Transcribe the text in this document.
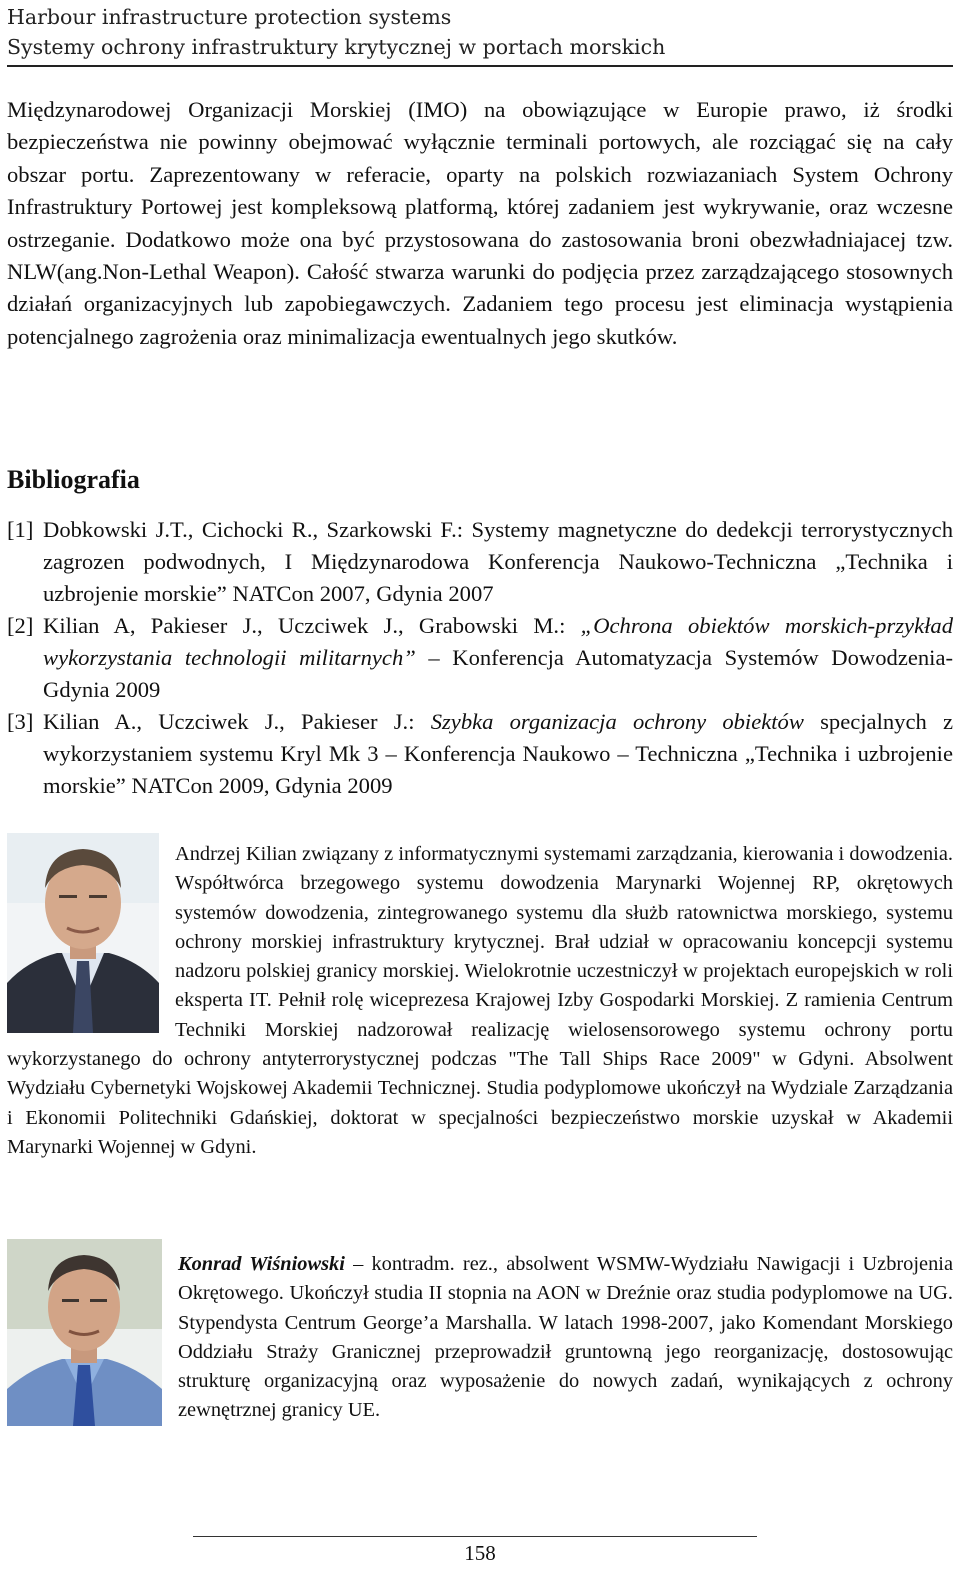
Harbour infrastructure protection systems
Systemy ochrony infrastruktury krytycznej w portach morskich

Międzynarodowej Organizacji Morskiej (IMO) na obowiązujące w Europie prawo, iż środki bezpieczeństwa nie powinny obejmować wyłącznie terminali portowych, ale rozciągać się na cały obszar portu. Zaprezentowany w referacie, oparty na polskich rozwiazaniach System Ochrony Infrastruktury Portowej jest kompleksową platformą, której zadaniem jest wykrywanie, oraz wczesne ostrzeganie. Dodatkowo może ona być przystosowana do zastosowania broni obezwładniajacej tzw. NLW(ang.Non-Lethal Weapon). Całość stwarza warunki do podjęcia przez zarządzającego stosownych działań organizacyjnych lub zapobiegawczych. Zadaniem tego procesu jest eliminacja wystąpienia potencjalnego zagrożenia oraz minimalizacja ewentualnych jego skutków.

Bibliografia
[1] Dobkowski J.T., Cichocki R., Szarkowski F.: Systemy magnetyczne do dedekcji terrorystycznych zagrozen podwodnych, I Międzynarodowa Konferencja Naukowo-Techniczna „Technika i uzbrojenie morskie” NATCon 2007, Gdynia 2007
[2] Kilian A, Pakieser J., Uczciwek J., Grabowski M.: „Ochrona obiektów morskich-przykład wykorzystania technologii militarnych” – Konferencja Automatyzacja Systemów Dowodzenia- Gdynia 2009
[3] Kilian A., Uczciwek J., Pakieser J.: Szybka organizacja ochrony obiektów specjalnych z wykorzystaniem systemu Kryl Mk 3 – Konferencja Naukowo – Techniczna „Technika i uzbrojenie morskie” NATCon 2009, Gdynia 2009
Andrzej Kilian związany z informatycznymi systemami zarządzania, kierowania i dowodzenia. Współtwórca brzegowego systemu dowodzenia Marynarki Wojennej RP, okrętowych systemów dowodzenia, zintegrowanego systemu dla służb ratownictwa morskiego, systemu ochrony morskiej infrastruktury krytycznej. Brał udział w opracowaniu koncepcji systemu nadzoru polskiej granicy morskiej. Wielokrotnie uczestniczył w projektach europejskich w roli eksperta IT. Pełnił rolę wiceprezesa Krajowej Izby Gospodarki Morskiej. Z ramienia Centrum Techniki Morskiej nadzorował realizację wielosensorowego systemu ochrony portu wykorzystanego do ochrony antyterrorystycznej podczas "The Tall Ships Race 2009" w Gdyni. Absolwent Wydziału Cybernetyki Wojskowej Akademii Technicznej. Studia podyplomowe ukończył na Wydziale Zarządzania i Ekonomii Politechniki Gdańskiej, doktorat w specjalności bezpieczeństwo morskie uzyskał w Akademii Marynarki Wojennej w Gdyni.
Konrad Wiśniowski – kontradm. rez., absolwent WSMW-Wydziału Nawigacji i Uzbrojenia Okrętowego. Ukończył studia II stopnia na AON w Dreźnie oraz studia podyplomowe na UG. Stypendysta Centrum George’a Marshalla. W latach 1998-2007, jako Komendant Morskiego Oddziału Straży Granicznej przeprowadził gruntowną jego reorganizację, dostosowując strukturę organizacyjną oraz wyposażenie do nowych zadań, wynikających z ochrony zewnętrznej granicy UE.
158
